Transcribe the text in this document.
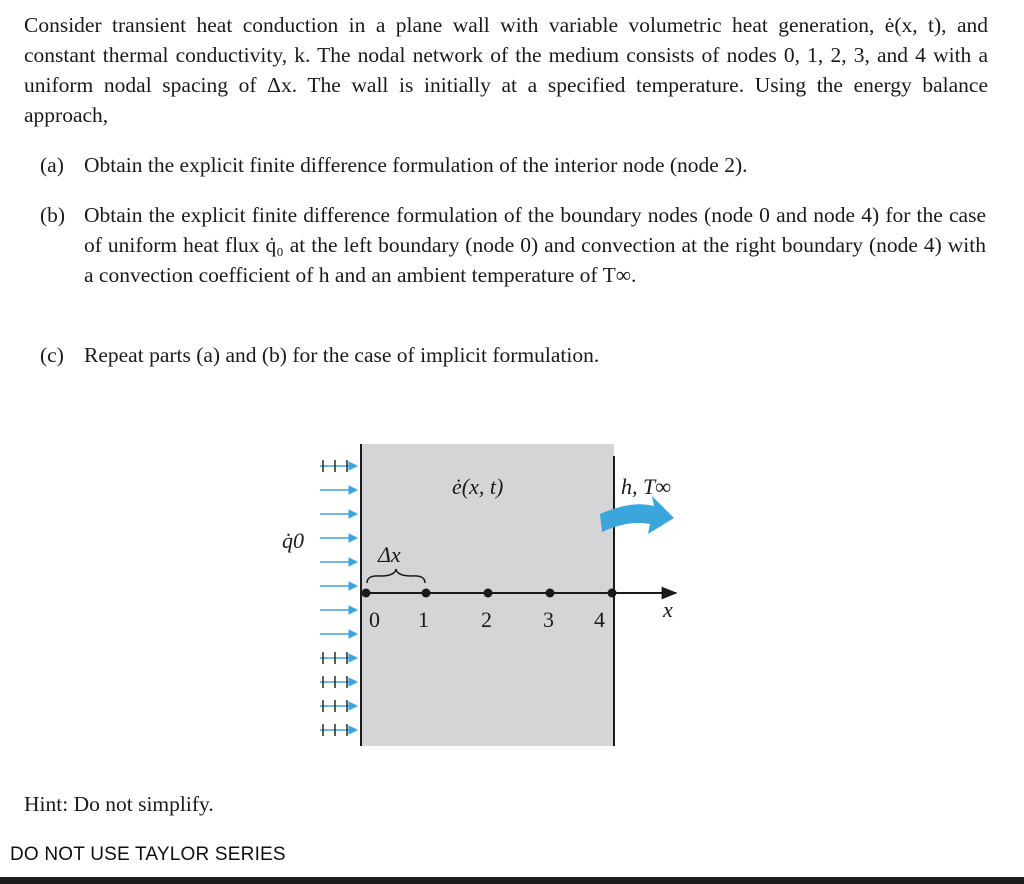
Consider transient heat conduction in a plane wall with variable volumetric heat generation, ė(x, t), and constant thermal conductivity, k. The nodal network of the medium consists of nodes 0, 1, 2, 3, and 4 with a uniform nodal spacing of Δx. The wall is initially at a specified temperature. Using the energy balance approach,
(a) Obtain the explicit finite difference formulation of the interior node (node 2).
(b) Obtain the explicit finite difference formulation of the boundary nodes (node 0 and node 4) for the case of uniform heat flux q̇₀ at the left boundary (node 0) and convection at the right boundary (node 4) with a convection coefficient of h and an ambient temperature of T∞.
(c) Repeat parts (a) and (b) for the case of implicit formulation.
q̇0
ė(x, t)	h, T∞
Δx
x
0 1 2 3 4
Hint: Do not simplify.
DO NOT USE TAYLOR SERIES
